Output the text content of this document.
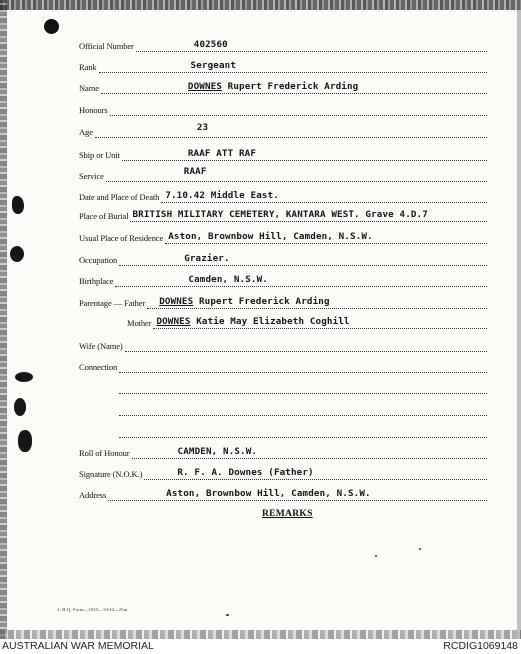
Official Number	402560
Rank	Sergeant
Name	DOWNES Rupert Frederick Arding
Honours
Age	23
Ship or Unit	RAAF ATT RAF
Service	RAAF
Date and Place of Death 7.10.42 Middle East.
Place of Burial BRITISH MILITARY CEMETERY, KANTARA WEST. Grave 4.D.7
Usual Place of Residence Aston, Brownbow Hill, Camden, N.S.W.
Occupation	Grazier.
Birthplace	Camden, N.S.W.
Parentage — Father DOWNES Rupert Frederick Arding
Mother DOWNES Katie May Elizabeth Coghill
Wife (Name)
Connection
Roll of Honour	CAMDEN, N.S.W.
Signature (N.O.K.)	R. F. A. Downes (Father)
Address	Aston, Brownbow Hill, Camden, N.S.W.
REMARKS
L.H.Q. Form—1035—10/44—25m.
AUSTRALIAN WAR MEMORIAL	RCDIG1069148
